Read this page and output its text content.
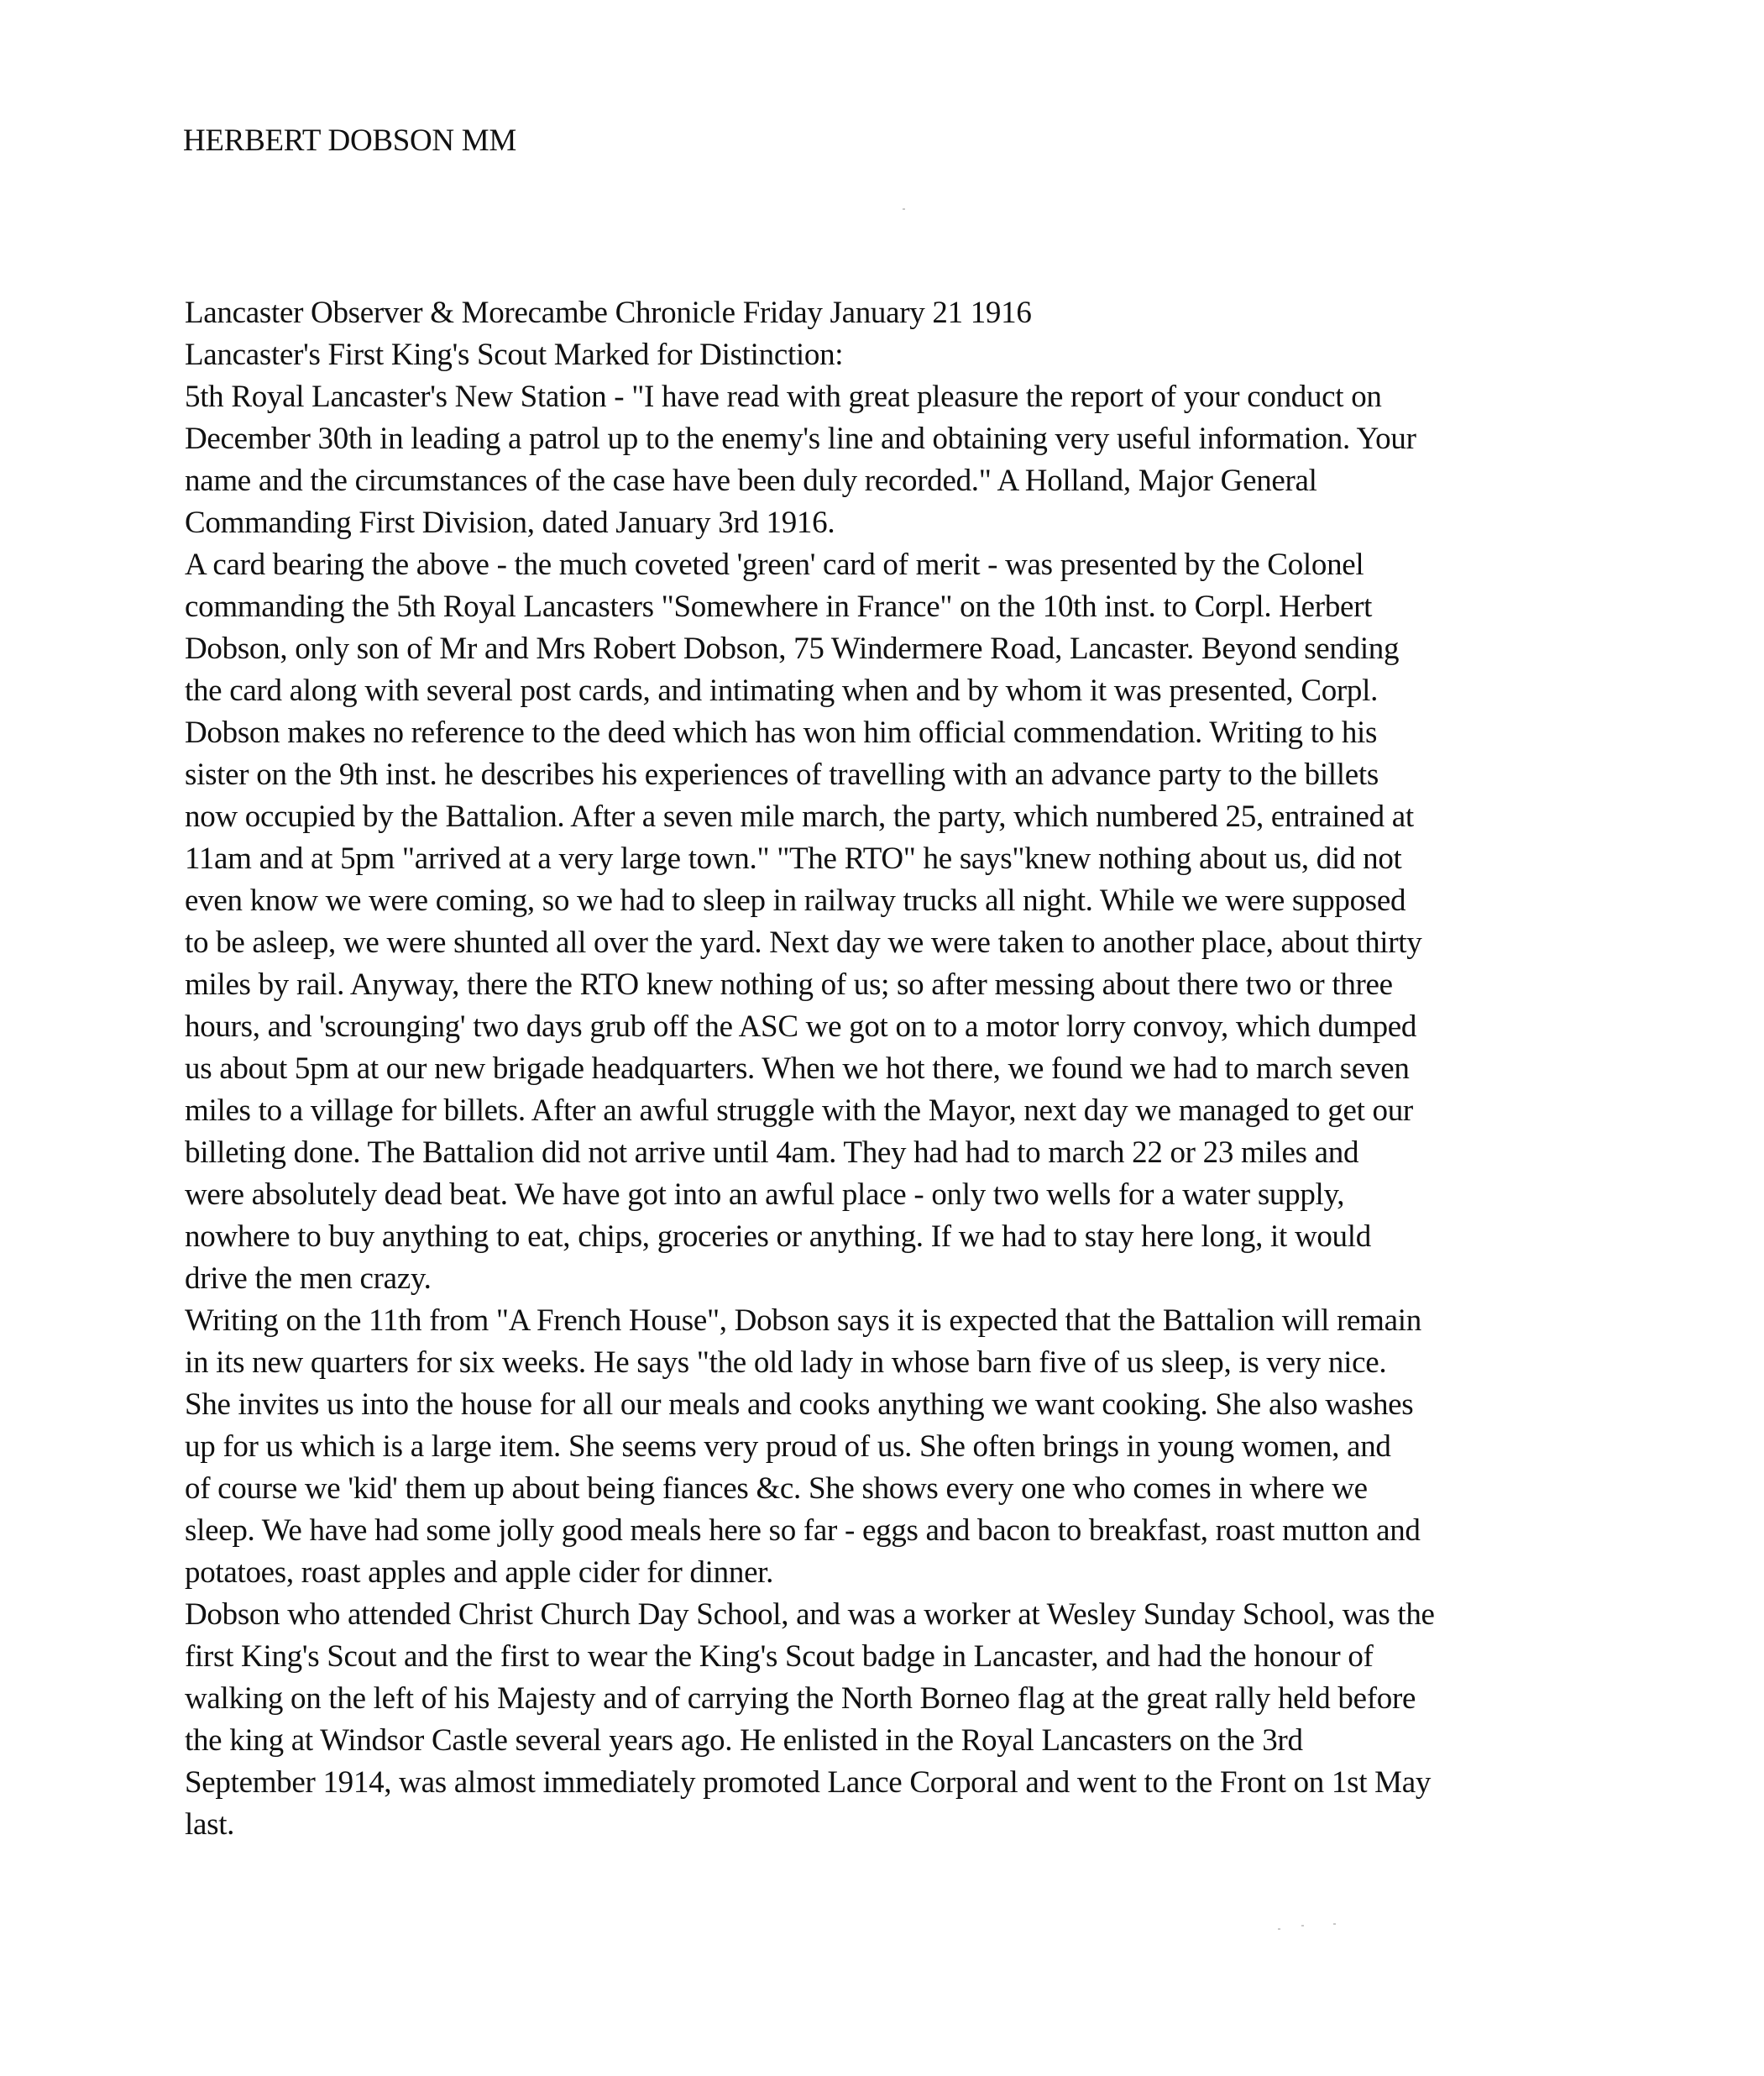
HERBERT DOBSON MM
Lancaster Observer & Morecambe Chronicle Friday January 21 1916
Lancaster's First King's Scout Marked for Distinction:
5th Royal Lancaster's New Station - "I have read with great pleasure the report of your conduct on
December 30th in leading a patrol up to the enemy's line and obtaining very useful information. Your
name and the circumstances of the case have been duly recorded." A Holland, Major General
Commanding First Division, dated January 3rd 1916.
A card bearing the above - the much coveted 'green' card of merit - was presented by the Colonel
commanding the 5th Royal Lancasters "Somewhere in France" on the 10th inst. to Corpl. Herbert
Dobson, only son of Mr and Mrs Robert Dobson, 75 Windermere Road, Lancaster. Beyond sending
the card along with several post cards, and intimating when and by whom it was presented, Corpl.
Dobson makes no reference to the deed which has won him official commendation. Writing to his
sister on the 9th inst. he describes his experiences of travelling with an advance party to the billets
now occupied by the Battalion. After a seven mile march, the party, which numbered 25, entrained at
11am and at 5pm "arrived at a very large town." "The RTO" he says"knew nothing about us, did not
even know we were coming, so we had to sleep in railway trucks all night. While we were supposed
to be asleep, we were shunted all over the yard. Next day we were taken to another place, about thirty
miles by rail. Anyway, there the RTO knew nothing of us; so after messing about there two or three
hours, and 'scrounging' two days grub off the ASC we got on to a motor lorry convoy, which dumped
us about 5pm at our new brigade headquarters. When we hot there, we found we had to march seven
miles to a village for billets. After an awful struggle with the Mayor, next day we managed to get our
billeting done. The Battalion did not arrive until 4am. They had had to march 22 or 23 miles and
were absolutely dead beat. We have got into an awful place - only two wells for a water supply,
nowhere to buy anything to eat, chips, groceries or anything. If we had to stay here long, it would
drive the men crazy.
Writing on the 11th from "A French House", Dobson says it is expected that the Battalion will remain
in its new quarters for six weeks. He says "the old lady in whose barn five of us sleep, is very nice.
She invites us into the house for all our meals and cooks anything we want cooking. She also washes
up for us which is a large item. She seems very proud of us. She often brings in young women, and
of course we 'kid' them up about being fiances &c. She shows every one who comes in where we
sleep. We have had some jolly good meals here so far - eggs and bacon to breakfast, roast mutton and
potatoes, roast apples and apple cider for dinner.
Dobson who attended Christ Church Day School, and was a worker at Wesley Sunday School, was the
first King's Scout and the first to wear the King's Scout badge in Lancaster, and had the honour of
walking on the left of his Majesty and of carrying the North Borneo flag at the great rally held before
the king at Windsor Castle several years ago. He enlisted in the Royal Lancasters on the 3rd
September 1914, was almost immediately promoted Lance Corporal and went to the Front on 1st May
last.
